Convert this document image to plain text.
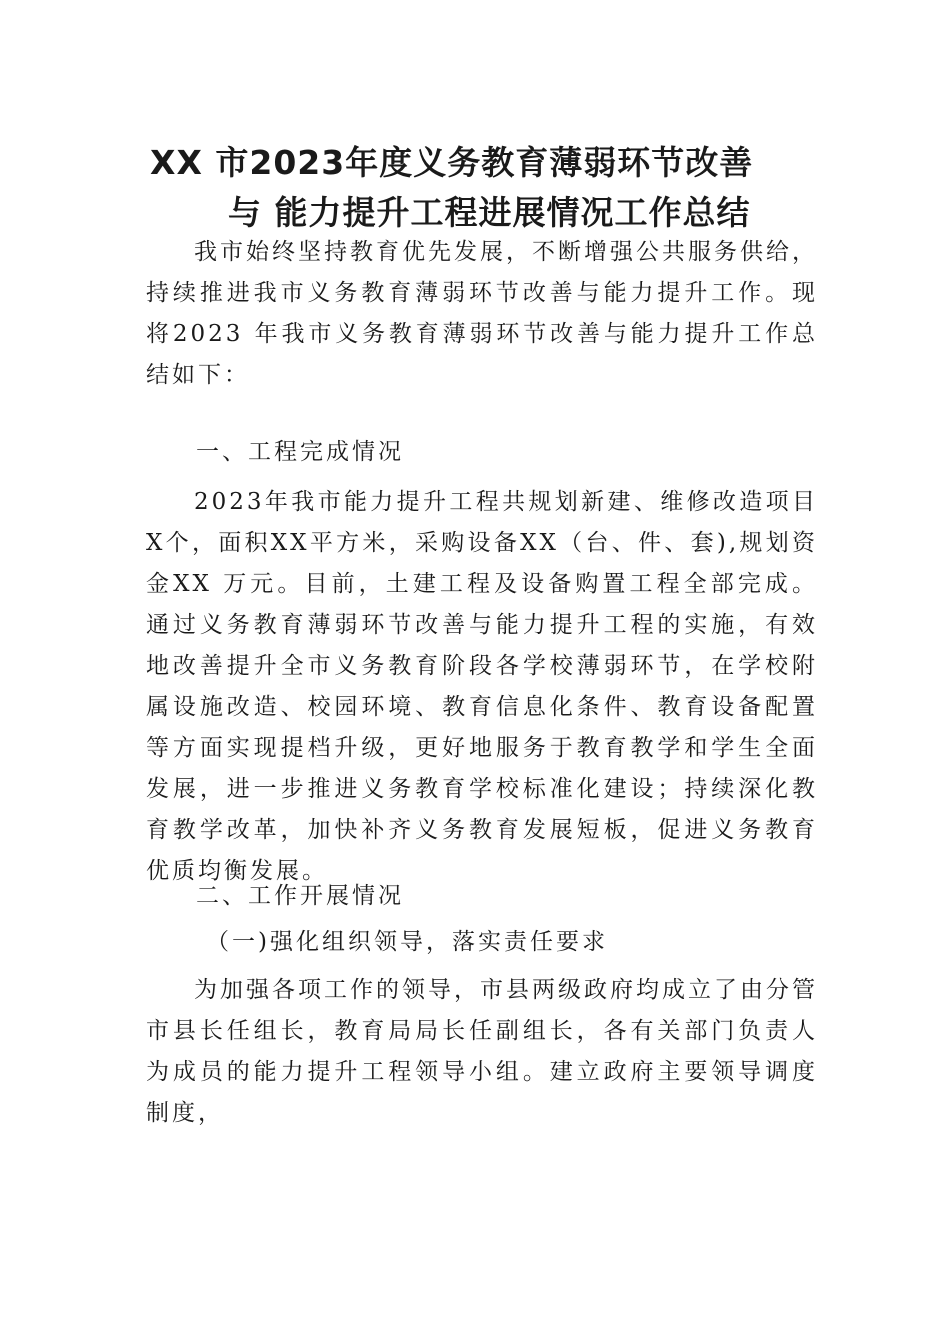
XX 市2023年度义务教育薄弱环节改善
与 能力提升工程进展情况工作总结

我市始终坚持教育优先发展，不断增强公共服务供给，持续推进我市义务教育薄弱环节改善与能力提升工作。现将2023 年我市义务教育薄弱环节改善与能力提升工作总结如下：

一、工程完成情况

2023年我市能力提升工程共规划新建、维修改造项目X个，面积XX平方米，采购设备XX（台、件、套),规划资金XX 万元。目前，土建工程及设备购置工程全部完成。通过义务教育薄弱环节改善与能力提升工程的实施，有效地改善提升全市义务教育阶段各学校薄弱环节，在学校附属设施改造、校园环境、教育信息化条件、教育设备配置等方面实现提档升级，更好地服务于教育教学和学生全面发展，进一步推进义务教育学校标准化建设；持续深化教育教学改革，加快补齐义务教育发展短板，促进义务教育优质均衡发展。

二、工作开展情况
（一)强化组织领导，落实责任要求

为加强各项工作的领导，市县两级政府均成立了由分管市县长任组长，教育局局长任副组长，各有关部门负责人为成员的能力提升工程领导小组。建立政府主要领导调度制度，
